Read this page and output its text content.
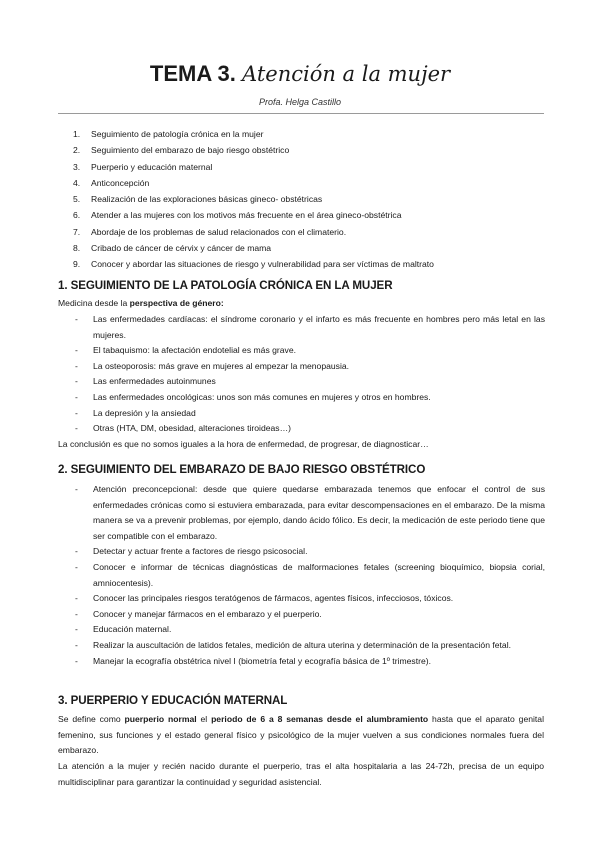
TEMA 3. Atención a la mujer
Profa. Helga Castillo
1. Seguimiento de patología crónica en la mujer
2. Seguimiento del embarazo de bajo riesgo obstétrico
3. Puerperio y educación maternal
4. Anticoncepción
5. Realización de las exploraciones básicas gineco- obstétricas
6. Atender a las mujeres con los motivos más frecuente en el área gineco-obstétrica
7. Abordaje de los problemas de salud relacionados con el climaterio.
8. Cribado de cáncer de cérvix y cáncer de mama
9. Conocer y abordar las situaciones de riesgo y vulnerabilidad para ser víctimas de maltrato
1. SEGUIMIENTO DE LA PATOLOGÍA CRÓNICA EN LA MUJER

Medicina desde la perspectiva de género:

- Las enfermedades cardíacas: el síndrome coronario y el infarto es más frecuente en hombres pero más letal en las mujeres.
- El tabaquismo: la afectación endotelial es más grave.
- La osteoporosis: más grave en mujeres al empezar la menopausia.
- Las enfermedades autoinmunes
- Las enfermedades oncológicas: unos son más comunes en mujeres y otros en hombres.
- La depresión y la ansiedad
- Otras (HTA, DM, obesidad, alteraciones tiroideas…)

La conclusión es que no somos iguales a la hora de enfermedad, de progresar, de diagnosticar…

2. SEGUIMIENTO DEL EMBARAZO DE BAJO RIESGO OBSTÉTRICO
- Atención preconcepcional: desde que quiere quedarse embarazada tenemos que enfocar el control de sus enfermedades crónicas como si estuviera embarazada, para evitar descompensaciones en el embarazo. De la misma manera se va a prevenir problemas, por ejemplo, dando ácido fólico. Es decir, la medicación de este periodo tiene que ser compatible con el embarazo.
- Detectar y actuar frente a factores de riesgo psicosocial.
- Conocer e informar de técnicas diagnósticas de malformaciones fetales (screening bioquímico, biopsia corial, amniocentesis).
- Conocer las principales riesgos teratógenos de fármacos, agentes físicos, infecciosos, tóxicos.
- Conocer y manejar fármacos en el embarazo y el puerperio.
- Educación maternal.
- Realizar la auscultación de latidos fetales, medición de altura uterina y determinación de la presentación fetal.
- Manejar la ecografía obstétrica nivel I (biometría fetal y ecografía básica de 1º trimestre).
3. PUERPERIO Y EDUCACIÓN MATERNAL

Se define como puerperio normal el periodo de 6 a 8 semanas desde el alumbramiento hasta que el aparato genital femenino, sus funciones y el estado general físico y psicológico de la mujer vuelven a sus condiciones normales fuera del embarazo.

La atención a la mujer y recién nacido durante el puerperio, tras el alta hospitalaria a las 24-72h, precisa de un equipo multidisciplinar para garantizar la continuidad y seguridad asistencial.
